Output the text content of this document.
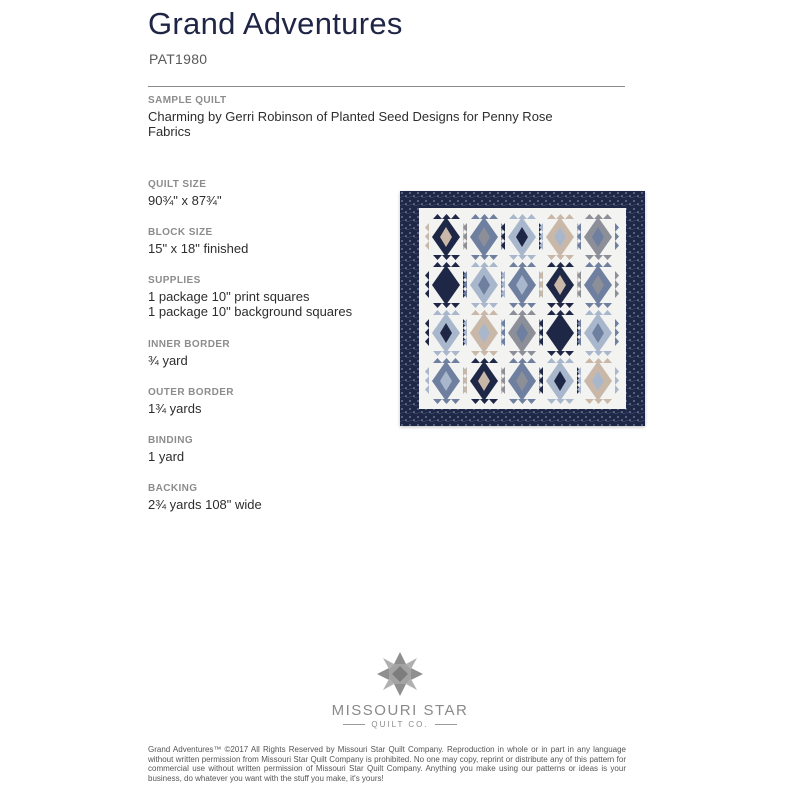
Grand Adventures
PAT1980
SAMPLE QUILT
Charming by Gerri Robinson of Planted Seed Designs for Penny Rose
Fabrics
QUILT SIZE
90¾" x 87¾"
BLOCK SIZE
15" x 18" finished
SUPPLIES
1 package 10" print squares
1 package 10" background squares
INNER BORDER
¾ yard
OUTER BORDER
1¾ yards
BINDING
1 yard
BACKING
2¾ yards 108" wide
MISSOURI STAR
QUILT CO.
Grand Adventures™ ©2017 All Rights Reserved by Missouri Star Quilt Company. Reproduction in whole or in part in any language without written permission from Missouri Star Quilt Company is prohibited. No one may copy, reprint or distribute any of this pattern for commercial use without written permission of Missouri Star Quilt Company. Anything you make using our patterns or ideas is your business, do whatever you want with the stuff you make, it's yours!
